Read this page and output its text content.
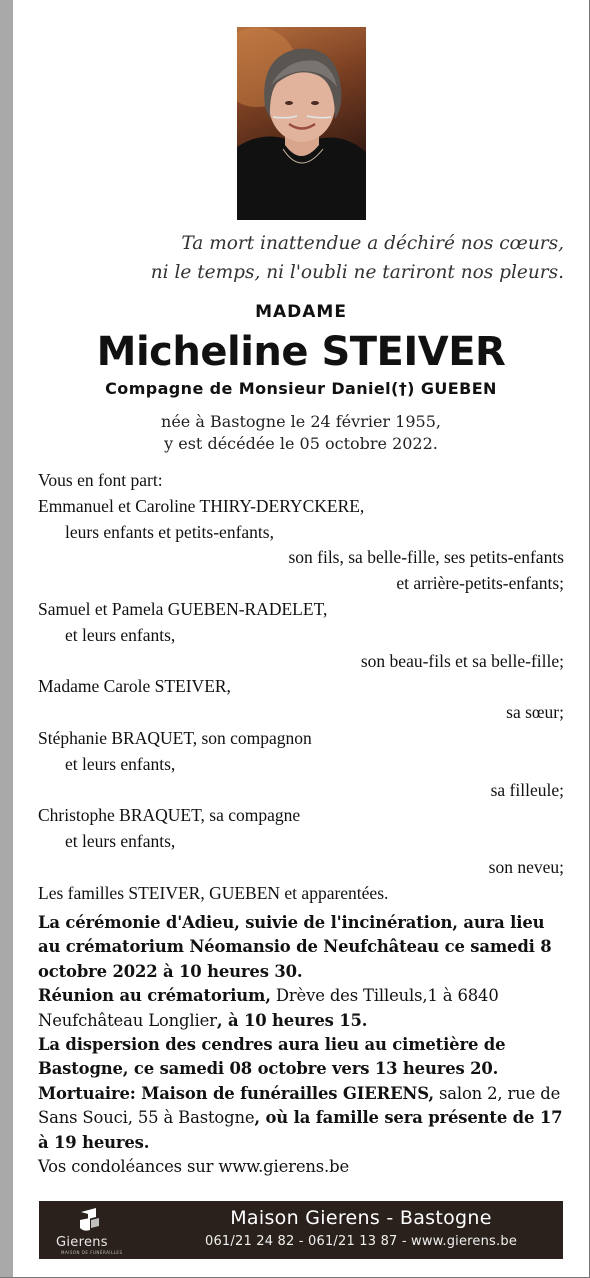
Ta mort inattendue a déchiré nos cœurs,
ni le temps, ni l'oubli ne tariront nos pleurs.
MADAME
Micheline STEIVER
Compagne de Monsieur Daniel(†) GUEBEN
née à Bastogne le 24 février 1955,
y est décédée le 05 octobre 2022.
Vous en font part:
Emmanuel et Caroline THIRY-DERYCKERE,
leurs enfants et petits-enfants,
son fils, sa belle-fille, ses petits-enfants
et arrière-petits-enfants;
Samuel et Pamela GUEBEN-RADELET,
et leurs enfants,
son beau-fils et sa belle-fille;
Madame Carole STEIVER,
sa sœur;
Stéphanie BRAQUET, son compagnon
et leurs enfants,
sa filleule;
Christophe BRAQUET, sa compagne
et leurs enfants,
son neveu;
Les familles STEIVER, GUEBEN et apparentées.
La cérémonie d'Adieu, suivie de l'incinération, aura lieu au crématorium Néomansio de Neufchâteau ce samedi 8 octobre 2022 à 10 heures 30.
Réunion au crématorium, Drève des Tilleuls,1 à 6840 Neufchâteau Longlier, à 10 heures 15.
La dispersion des cendres aura lieu au cimetière de Bastogne, ce samedi 08 octobre vers 13 heures 20.
Mortuaire: Maison de funérailles GIERENS, salon 2, rue de Sans Souci, 55 à Bastogne, où la famille sera présente de 17 à 19 heures.
Vos condoléances sur www.gierens.be
Gierens
MAISON DE FUNÉRAILLES
Maison Gierens - Bastogne
061/21 24 82 - 061/21 13 87 - www.gierens.be
